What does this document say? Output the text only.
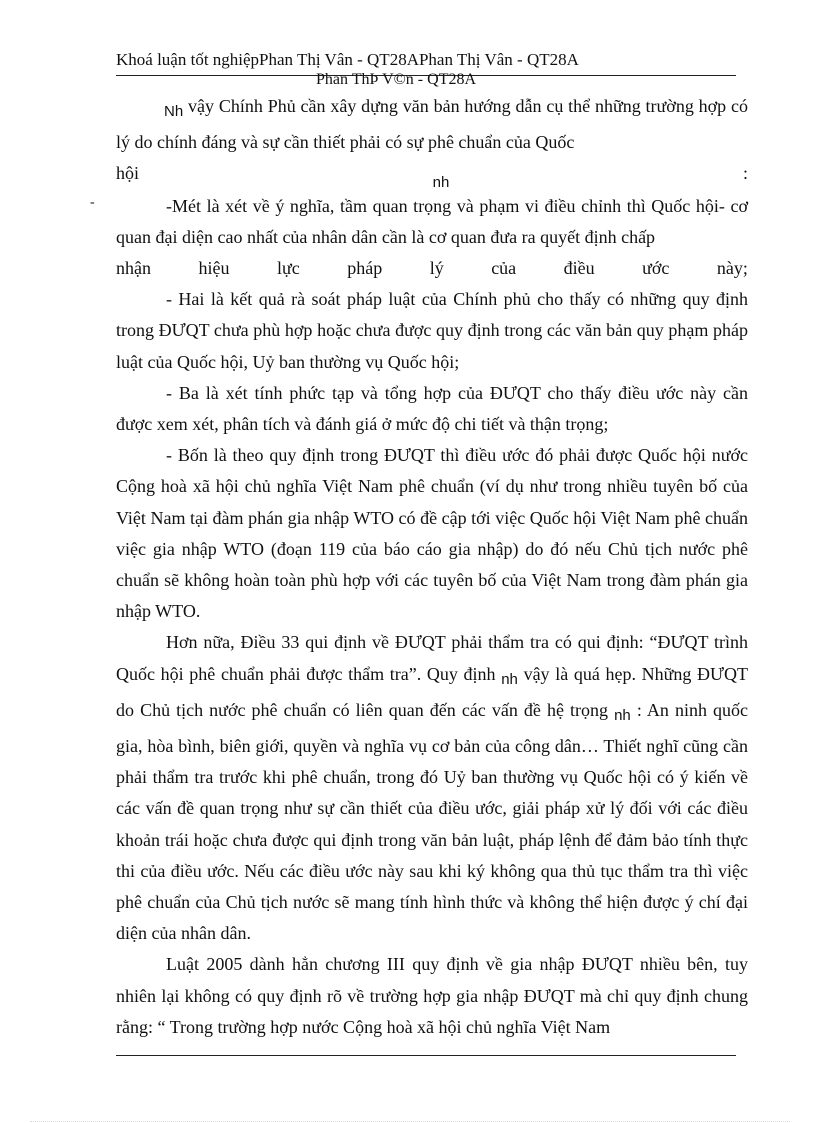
Khoá luận tốt nghiệpPhan Thị Vân - QT28APhan Thị Vân - QT28A
Phan ThÞ V©n - QT28A
-

$_{Nh}$ vậy Chính Phủ cần xây dựng văn bản hướng dẫn cụ thể những trường hợp có lý do chính đáng và sự cần thiết phải có sự phê chuẩn của Quốc

hội	nh	:

-Mét là xét về ý nghĩa, tầm quan trọng và phạm vi điều chỉnh thì Quốc hội- cơ quan đại diện cao nhất của nhân dân cần là cơ quan đưa ra quyết định chấp

nhận	hiệu	lực	pháp	lý	của	điều	ước	này;

- Hai là kết quả rà soát pháp luật của Chính phủ cho thấy có những quy định trong ĐƯQT chưa phù hợp hoặc chưa được quy định trong các văn bản quy phạm pháp luật của Quốc hội, Uỷ ban thường vụ Quốc hội;

- Ba là xét tính phức tạp và tổng hợp của ĐƯQT cho thấy điều ước này cần được xem xét, phân tích và đánh giá ở mức độ chi tiết và thận trọng;

- Bốn là theo quy định trong ĐƯQT thì điều ước đó phải được Quốc hội nước Cộng hoà xã hội chủ nghĩa Việt Nam phê chuẩn (ví dụ như trong nhiều tuyên bố của Việt Nam tại đàm phán gia nhập WTO có đề cập tới việc Quốc hội Việt Nam phê chuẩn việc gia nhập WTO (đoạn 119 của báo cáo gia nhập) do đó nếu Chủ tịch nước phê chuẩn sẽ không hoàn toàn phù hợp với các tuyên bố của Việt Nam trong đàm phán gia nhập WTO.

Hơn nữa, Điều 33 qui định về ĐƯQT phải thẩm tra có qui định: “ĐƯQT trình Quốc hội phê chuẩn phải được thẩm tra”. Quy định $_{nh}$ vậy là quá hẹp. Những ĐƯQT do Chủ tịch nước phê chuẩn có liên quan đến các vấn đề hệ trọng $_{nh}$ : An ninh quốc gia, hòa bình, biên giới, quyền và nghĩa vụ cơ bản của công dân… Thiết nghĩ cũng cần phải thẩm tra trước khi phê chuẩn, trong đó Uỷ ban thường vụ Quốc hội có ý kiến về các vấn đề quan trọng như sự cần thiết của điều ước, giải pháp xử lý đối với các điều khoản trái hoặc chưa được qui định trong văn bản luật, pháp lệnh để đảm bảo tính thực thi của điều ước. Nếu các điều ước này sau khi ký không qua thủ tục thẩm tra thì việc phê chuẩn của Chủ tịch nước sẽ mang tính hình thức và không thể hiện được ý chí đại diện của nhân dân.

Luật 2005 dành hẳn chương III quy định về gia nhập ĐƯQT nhiều bên, tuy nhiên lại không có quy định rõ về trường hợp gia nhập ĐƯQT mà chỉ quy định chung rằng: “ Trong trường hợp nước Cộng hoà xã hội chủ nghĩa Việt Nam
